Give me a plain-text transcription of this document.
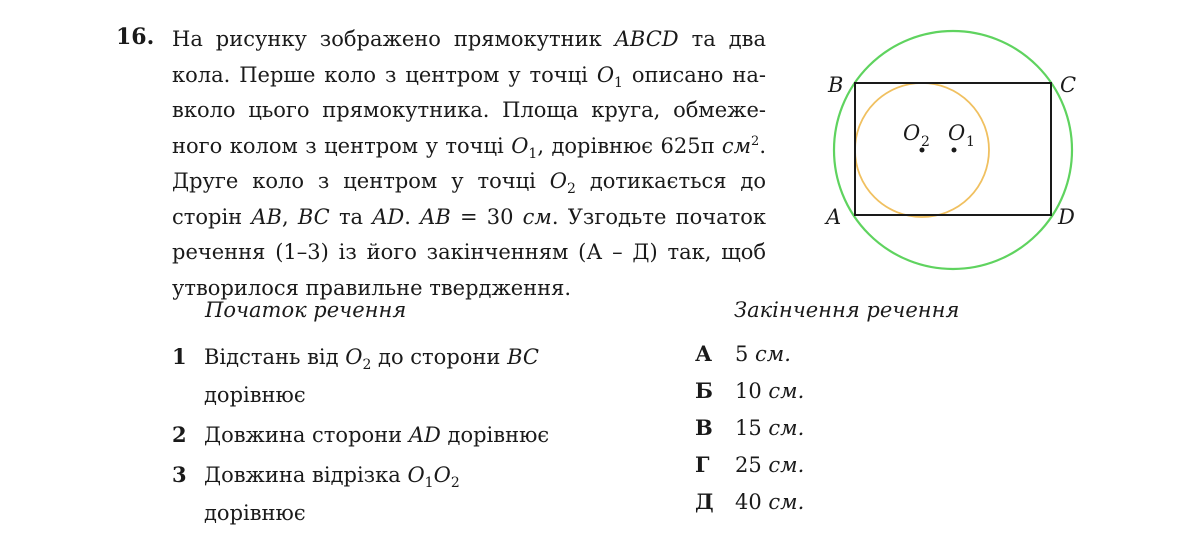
16. На рисунку зображено прямокутник ABCD та два
кола. Перше коло з центром у точці $O_1$ описано на-
вколо цього прямокутника. Площа круга, обмеже-
ного колом з центром у точці $O_1$, дорівнює 625π $см^2$.
Друге коло з центром у точці $O_2$ дотикається до
сторін AB, BC та AD. AB = 30 см. Узгодьте початок
речення (1–3) із його закінченням (А – Д) так, щоб
утворилося правильне твердження.
B	C
A	D
O 2 O 1
Початок речення	Закінчення речення
1 Відстань від $O_2$ до сторони BC дорівнює
2 Довжина сторони AD дорівнює
3 Довжина відрізка $O_1O_2$ дорівнює
А 5 см.
Б 10 см.
В 15 см.
Г 25 см.
Д 40 см.
